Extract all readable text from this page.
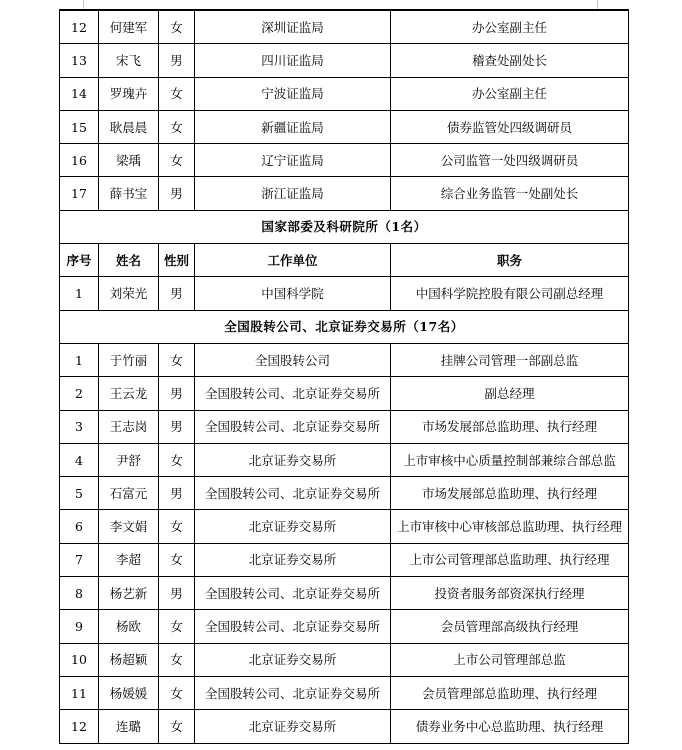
12	何建军	女	深圳证监局	办公室副主任
13	宋飞	男	四川证监局	稽查处副处长
14	罗瑰卉	女	宁波证监局	办公室副主任
15	耿晨晨	女	新疆证监局	债券监管处四级调研员
16	梁瑀	女	辽宁证监局	公司监管一处四级调研员
17	薛书宝	男	浙江证监局	综合业务监管一处副处长
国家部委及科研院所（1名）				
序号	姓名	性别	工作单位	职务
1	刘荣光	男	中国科学院	中国科学院控股有限公司副总经理
全国股转公司、北京证券交易所（17名）				
1	于竹丽	女	全国股转公司	挂牌公司管理一部副总监
2	王云龙	男	全国股转公司、北京证券交易所	副总经理
3	王志岗	男	全国股转公司、北京证券交易所	市场发展部总监助理、执行经理
4	尹舒	女	北京证券交易所	上市审核中心质量控制部兼综合部总监
5	石富元	男	全国股转公司、北京证券交易所	市场发展部总监助理、执行经理
6	李文娟	女	北京证券交易所	上市审核中心审核部总监助理、执行经理
7	李超	女	北京证券交易所	上市公司管理部总监助理、执行经理
8	杨艺新	男	全国股转公司、北京证券交易所	投资者服务部资深执行经理
9	杨欧	女	全国股转公司、北京证券交易所	会员管理部高级执行经理
10	杨超颖	女	北京证券交易所	上市公司管理部总监
11	杨媛媛	女	全国股转公司、北京证券交易所	会员管理部总监助理、执行经理
12	连璐	女	北京证券交易所	债券业务中心总监助理、执行经理
